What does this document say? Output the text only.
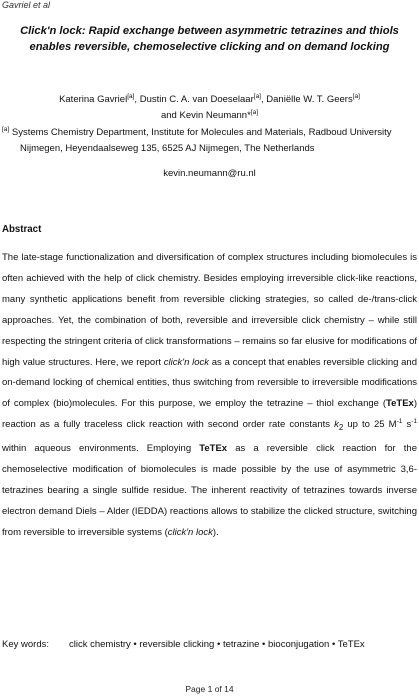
Gavriel et al
Click'n lock: Rapid exchange between asymmetric tetrazines and thiols enables reversible, chemoselective clicking and on demand locking
Katerina Gavriel[a], Dustin C. A. van Doeselaar[a], Daniëlle W. T. Geers[a]
and Kevin Neumann*[a]
[a] Systems Chemistry Department, Institute for Molecules and Materials, Radboud University
Nijmegen, Heyendaalseweg 135, 6525 AJ Nijmegen, The Netherlands
kevin.neumann@ru.nl
Abstract

The late-stage functionalization and diversification of complex structures including biomolecules is often achieved with the help of click chemistry. Besides employing irreversible click-like reactions, many synthetic applications benefit from reversible clicking strategies, so called de-/trans-click approaches. Yet, the combination of both, reversible and irreversible click chemistry – while still respecting the stringent criteria of click transformations – remains so far elusive for modifications of high value structures. Here, we report click'n lock as a concept that enables reversible clicking and on-demand locking of chemical entities, thus switching from reversible to irreversible modifications of complex (bio)molecules. For this purpose, we employ the tetrazine – thiol exchange (TeTEx) reaction as a fully traceless click reaction with second order rate constants $k_2$ up to 25 $M^{-1}$ $s^{-1}$ within aqueous environments. Employing TeTEx as a reversible click reaction for the chemoselective modification of biomolecules is made possible by the use of asymmetric 3,6-tetrazines bearing a single sulfide residue. The inherent reactivity of tetrazines towards inverse electron demand Diels – Alder (IEDDA) reactions allows to stabilize the clicked structure, switching from reversible to irreversible systems (click'n lock).

Key words: click chemistry • reversible clicking • tetrazine • bioconjugation • TeTEx
Page 1 of 14
